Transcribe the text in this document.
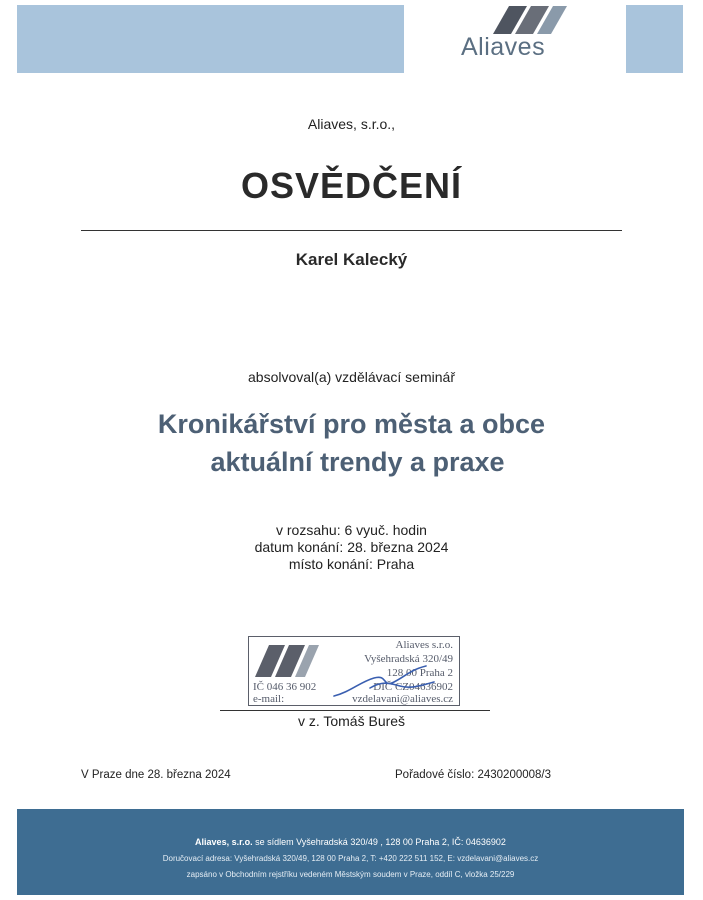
Aliaves
Aliaves, s.r.o.,
OSVĚDČENÍ
Karel Kalecký
absolvoval(a) vzdělávací seminář
Kronikářství pro města a obce
aktuální trendy a praxe
v rozsahu: 6 vyuč. hodin
datum konání: 28. března 2024
místo konání: Praha
Aliaves s.r.o.
Vyšehradská 320/49
128 00 Praha 2
IČ 046 36 902	DIČ CZ04636902
e-mail:	vzdelavani@aliaves.cz
v z. Tomáš Bureš
V Praze dne 28. března 2024	Pořadové číslo: 2430200008/3
Aliaves, s.r.o. se sídlem Vyšehradská 320/49 , 128 00 Praha 2, IČ: 04636902
Doručovací adresa: Vyšehradská 320/49, 128 00 Praha 2, T: +420 222 511 152, E: vzdelavani@aliaves.cz
zapsáno v Obchodním rejstříku vedeném Městským soudem v Praze, oddíl C, vložka 25/229
